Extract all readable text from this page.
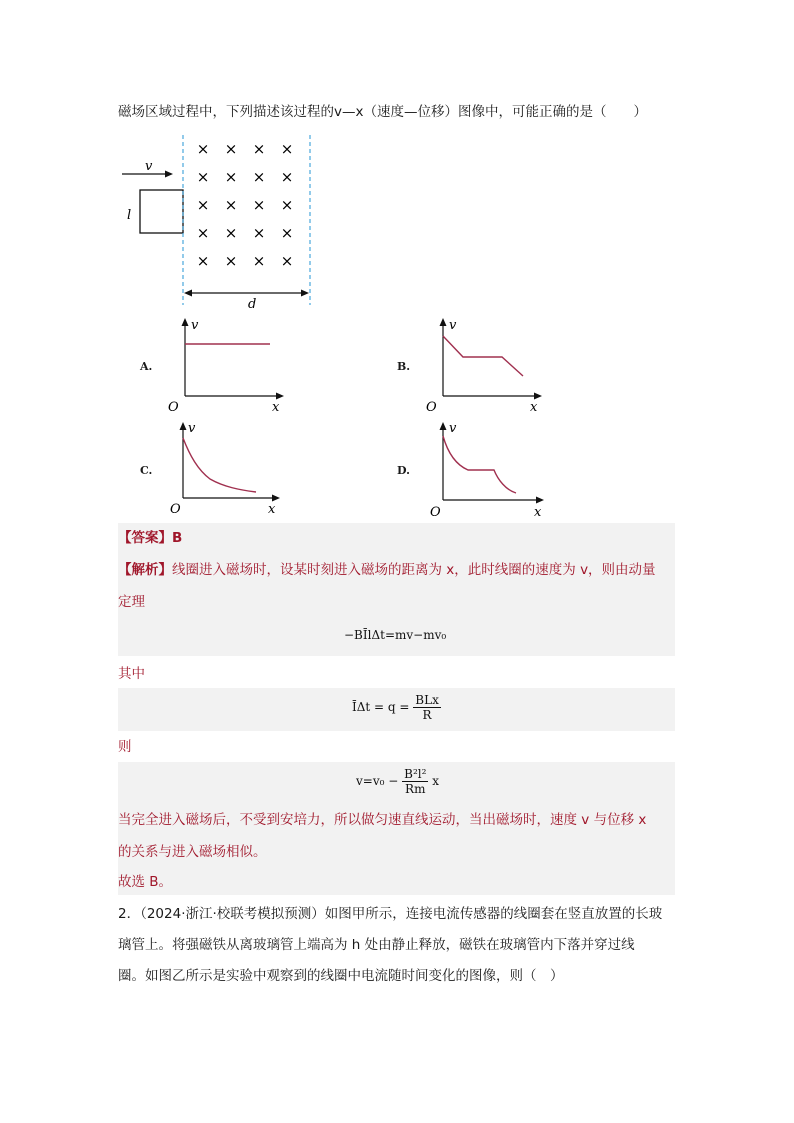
磁场区域过程中，下列描述该过程的v—x（速度—位移）图像中，可能正确的是（　　）
v
l
× × × ×
× × × ×
× × × ×
× × × ×
× × × ×
d
A.
v
O	x
B.
v
O	x
C.
v
O	x
D.
v
O	x
【答案】B
【解析】线圈进入磁场时，设某时刻进入磁场的距离为 x，此时线圈的速度为 v，则由动量
定理
−BĪlΔt=mv−mv₀
其中
ĪΔt = $q = \frac{\text{BLx}}{R}$
则
$v=v_0 - \frac{\text{B²l²}}{Rm}$ x
当完全进入磁场后，不受到安培力，所以做匀速直线运动，当出磁场时，速度 v 与位移 x
的关系与进入磁场相似。
故选 B。
2．（2024·浙江·校联考模拟预测）如图甲所示，连接电流传感器的线圈套在竖直放置的长玻
璃管上。将强磁铁从离玻璃管上端高为 h 处由静止释放，磁铁在玻璃管内下落并穿过线
圈。如图乙所示是实验中观察到的线圈中电流随时间变化的图像，则（　）
